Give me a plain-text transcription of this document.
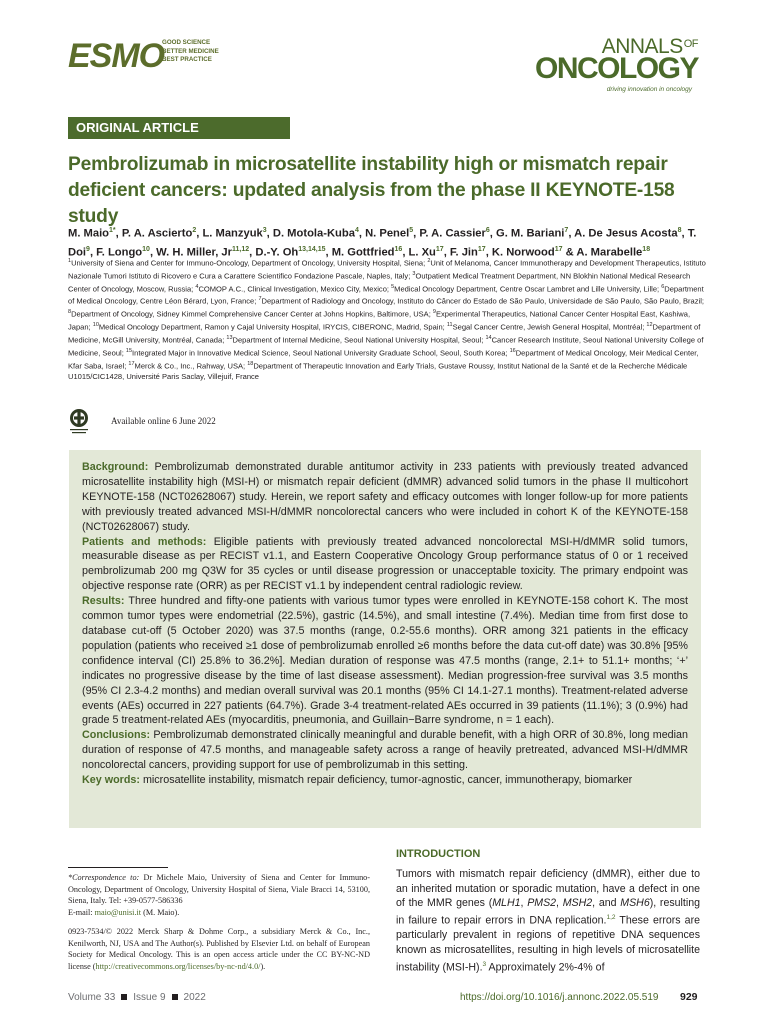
ESMO
GOOD SCIENCE
BETTER MEDICINE
BEST PRACTICE
$ANNALS^{OF}$
ONCOLOGY
driving innovation in oncology
ORIGINAL ARTICLE
Pembrolizumab in microsatellite instability high or mismatch repair deficient cancers: updated analysis from the phase II KEYNOTE-158 study

M. Maio$^{1*}$, P. A. Ascierto$^2$, L. Manzyuk$^3$, D. Motola-Kuba$^4$, N. Penel$^5$, P. A. Cassier$^6$, G. M. Bariani$^7$, A. De Jesus Acosta$^8$, T. Doi$^9$, F. Longo$^{10}$, W. H. Miller, Jr$^{11,12}$, D.-Y. Oh$^{13,14,15}$, M. Gottfried$^{16}$, L. Xu$^{17}$, F. Jin$^{17}$, K. Norwood$^{17}$ & A. Marabelle$^{18}$

$^1$University of Siena and Center for Immuno-Oncology, Department of Oncology, University Hospital, Siena; $^2$Unit of Melanoma, Cancer Immunotherapy and Development Therapeutics, Istituto Nazionale Tumori Istituto di Ricovero e Cura a Carattere Scientifico Fondazione Pascale, Naples, Italy; $^3$Outpatient Medical Treatment Department, NN Blokhin National Medical Research Center of Oncology, Moscow, Russia; $^4$COMOP A.C., Clinical Investigation, Mexico City, Mexico; $^5$Medical Oncology Department, Centre Oscar Lambret and Lille University, Lille; $^6$Department of Medical Oncology, Centre Léon Bérard, Lyon, France; $^7$Department of Radiology and Oncology, Instituto do Câncer do Estado de São Paulo, Universidade de São Paulo, São Paulo, Brazil; $^8$Department of Oncology, Sidney Kimmel Comprehensive Cancer Center at Johns Hopkins, Baltimore, USA; $^9$Experimental Therapeutics, National Cancer Center Hospital East, Kashiwa, Japan; $^{10}$Medical Oncology Department, Ramon y Cajal University Hospital, IRYCIS, CIBERONC, Madrid, Spain; $^{11}$Segal Cancer Centre, Jewish General Hospital, Montréal; $^{12}$Department of Medicine, McGill University, Montréal, Canada; $^{13}$Department of Internal Medicine, Seoul National University Hospital, Seoul; $^{14}$Cancer Research Institute, Seoul National University College of Medicine, Seoul; $^{15}$Integrated Major in Innovative Medical Science, Seoul National University Graduate School, Seoul, South Korea; $^{16}$Department of Medical Oncology, Meir Medical Center, Kfar Saba, Israel; $^{17}$Merck & Co., Inc., Rahway, USA; $^{18}$Department of Therapeutic Innovation and Early Trials, Gustave Roussy, Institut National de la Santé et de la Recherche Médicale U1015/CIC1428, Université Paris Saclay, Villejuif, France

Available online 6 June 2022

Background: Pembrolizumab demonstrated durable antitumor activity in 233 patients with previously treated advanced microsatellite instability high (MSI-H) or mismatch repair deficient (dMMR) advanced solid tumors in the phase II multicohort KEYNOTE-158 (NCT02628067) study. Herein, we report safety and efficacy outcomes with longer follow-up for more patients with previously treated advanced MSI-H/dMMR noncolorectal cancers who were included in cohort K of the KEYNOTE-158 (NCT02628067) study.

Patients and methods: Eligible patients with previously treated advanced noncolorectal MSI-H/dMMR solid tumors, measurable disease as per RECIST v1.1, and Eastern Cooperative Oncology Group performance status of 0 or 1 received pembrolizumab 200 mg Q3W for 35 cycles or until disease progression or unacceptable toxicity. The primary endpoint was objective response rate (ORR) as per RECIST v1.1 by independent central radiologic review.

Results: Three hundred and fifty-one patients with various tumor types were enrolled in KEYNOTE-158 cohort K. The most common tumor types were endometrial (22.5%), gastric (14.5%), and small intestine (7.4%). Median time from first dose to database cut-off (5 October 2020) was 37.5 months (range, 0.2-55.6 months). ORR among 321 patients in the efficacy population (patients who received ≥1 dose of pembrolizumab enrolled ≥6 months before the data cut-off date) was 30.8% [95% confidence interval (CI) 25.8% to 36.2%]. Median duration of response was 47.5 months (range, 2.1+ to 51.1+ months; ‘+’ indicates no progressive disease by the time of last disease assessment). Median progression-free survival was 3.5 months (95% CI 2.3-4.2 months) and median overall survival was 20.1 months (95% CI 14.1-27.1 months). Treatment-related adverse events (AEs) occurred in 227 patients (64.7%). Grade 3-4 treatment-related AEs occurred in 39 patients (11.1%); 3 (0.9%) had grade 5 treatment-related AEs (myocarditis, pneumonia, and Guillain−Barre syndrome, n = 1 each).

Conclusions: Pembrolizumab demonstrated clinically meaningful and durable benefit, with a high ORR of 30.8%, long median duration of response of 47.5 months, and manageable safety across a range of heavily pretreated, advanced MSI-H/dMMR noncolorectal cancers, providing support for use of pembrolizumab in this setting.

Key words: microsatellite instability, mismatch repair deficiency, tumor-agnostic, cancer, immunotherapy, biomarker

*Correspondence to: Dr Michele Maio, University of Siena and Center for Immuno-Oncology, Department of Oncology, University Hospital of Siena, Viale Bracci 14, 53100, Siena, Italy. Tel: +39-0577-586336
E-mail: maio@unisi.it (M. Maio).

0923-7534/© 2022 Merck Sharp & Dohme Corp., a subsidiary Merck & Co., Inc., Kenilworth, NJ, USA and The Author(s). Published by Elsevier Ltd. on behalf of European Society for Medical Oncology. This is an open access article under the CC BY-NC-ND license (http://creativecommons.org/licenses/by-nc-nd/4.0/).

INTRODUCTION

Tumors with mismatch repair deficiency (dMMR), either due to an inherited mutation or sporadic mutation, have a defect in one of the MMR genes (MLH1, PMS2, MSH2, and MSH6), resulting in failure to repair errors in DNA replication.$^{1,2}$ These errors are particularly prevalent in regions of repetitive DNA sequences known as microsatellites, resulting in high levels of microsatellite instability (MSI-H).$^3$ Approximately 2%-4% of

Volume 33 Issue 9 2022	https://doi.org/10.1016/j.annonc.2022.05.519 929
